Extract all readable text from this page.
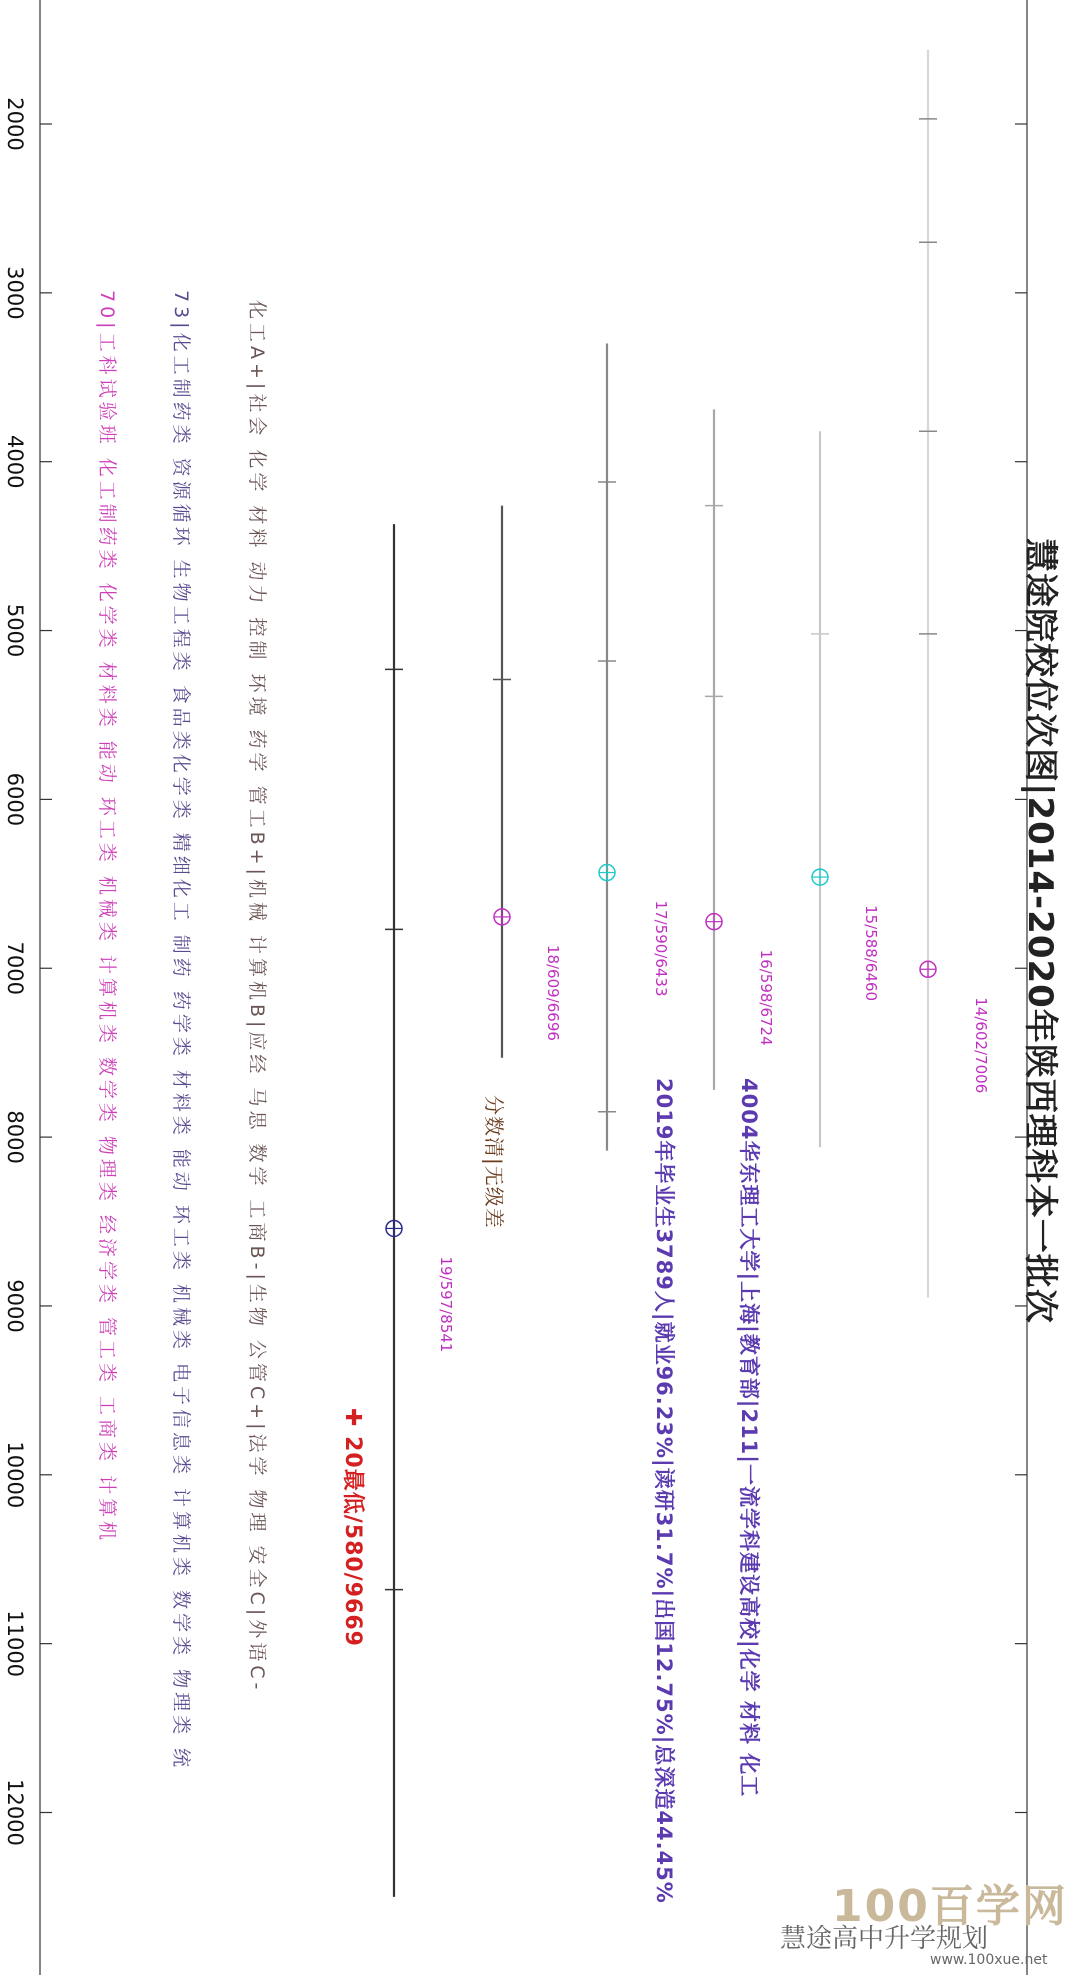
2000
3000
4000
5000
6000
7000
8000
9000
10000
11000
12000
14/602/7006
15/588/6460
16/598/6724
17/590/6433
18/609/6696
19/597/8541	慧途院校位次图|2014-2020年陕西理科本一批次
4004华东理工大学|上海|教育部|211|一流学科建设高校|化学 材料 化工
2019年毕业生3789人|就业96.23%|读研31.7%|出国12.75%|总深造44.45%
分数清|无级差
✚ 20最低/580/9669
化工A+|社会 化学 材料 动力 控制 环境 药学 管工B+|机械 计算机B|应经 马思 数学 工商B-|生物 公管C+|法学 物理 安全C|外语C-
73|化工制药类 资源循环 生物工程类 食品类化学类 精细化工 制药 药学类 材料类 能动 环工类 机械类 电子信息类 计算机类 数学类 物理类 统
70|工科试验班 化工制药类 化学类 材料类 能动 环工类 机械类 计算机类 数学类 物理类 经济学类 管工类 工商类 计算机
100百学网
慧途高中升学规划
www.100xue.net
